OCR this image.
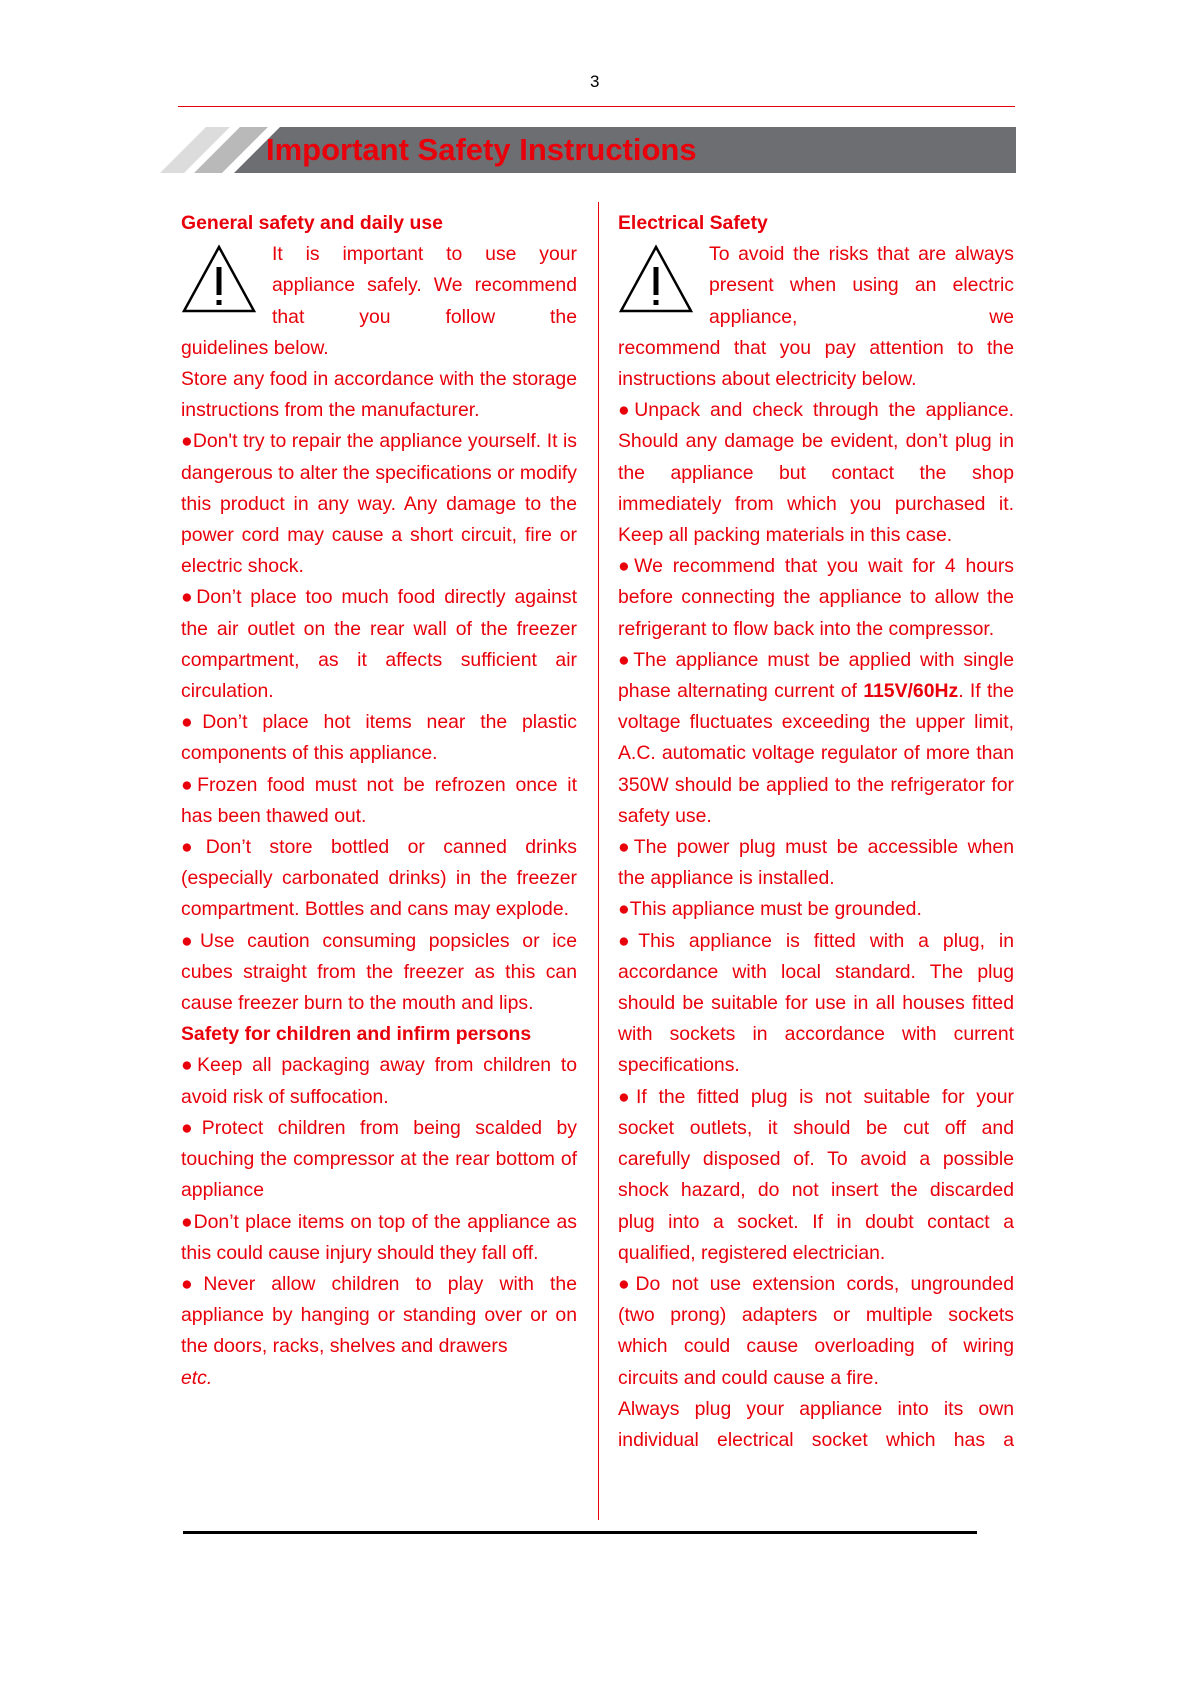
3
Important Safety Instructions

General safety and daily use

It is important to use your appliance safely. We recommend that you follow the

guidelines below.

Store any food in accordance with the storage instructions from the manufacturer.

●Don't try to repair the appliance yourself. It is dangerous to alter the specifications or modify this product in any way. Any damage to the power cord may cause a short circuit, fire or electric shock.

●Don’t place too much food directly against the air outlet on the rear wall of the freezer compartment, as it affects sufficient air circulation.

●Don’t place hot items near the plastic components of this appliance.

●Frozen food must not be refrozen once it has been thawed out.

●Don’t store bottled or canned drinks (especially carbonated drinks) in the freezer compartment. Bottles and cans may explode.

●Use caution consuming popsicles or ice cubes straight from the freezer as this can cause freezer burn to the mouth and lips.

Safety for children and infirm persons

●Keep all packaging away from children to avoid risk of suffocation.

●Protect children from being scalded by touching the compressor at the rear bottom of appliance

●Don’t place items on top of the appliance as this could cause injury should they fall off.

●Never allow children to play with the appliance by hanging or standing over or on the doors, racks, shelves and drawers

etc.

Electrical Safety

To avoid the risks that are always present when using an electric appliance, we

recommend that you pay attention to the instructions about electricity below.

●Unpack and check through the appliance. Should any damage be evident, don’t plug in the appliance but contact the shop immediately from which you purchased it. Keep all packing materials in this case.

●We recommend that you wait for 4 hours before connecting the appliance to allow the refrigerant to flow back into the compressor.

●The appliance must be applied with single phase alternating current of 115V/60Hz. If the voltage fluctuates exceeding the upper limit, A.C. automatic voltage regulator of more than 350W should be applied to the refrigerator for safety use.

●The power plug must be accessible when the appliance is installed.

●This appliance must be grounded.

●This appliance is fitted with a plug, in accordance with local standard. The plug should be suitable for use in all houses fitted with sockets in accordance with current specifications.

●If the fitted plug is not suitable for your socket outlets, it should be cut off and carefully disposed of. To avoid a possible shock hazard, do not insert the discarded plug into a socket. If in doubt contact a qualified, registered electrician.

●Do not use extension cords, ungrounded (two prong) adapters or multiple sockets which could cause overloading of wiring circuits and could cause a fire.

Always plug your appliance into its own individual electrical socket which has a
